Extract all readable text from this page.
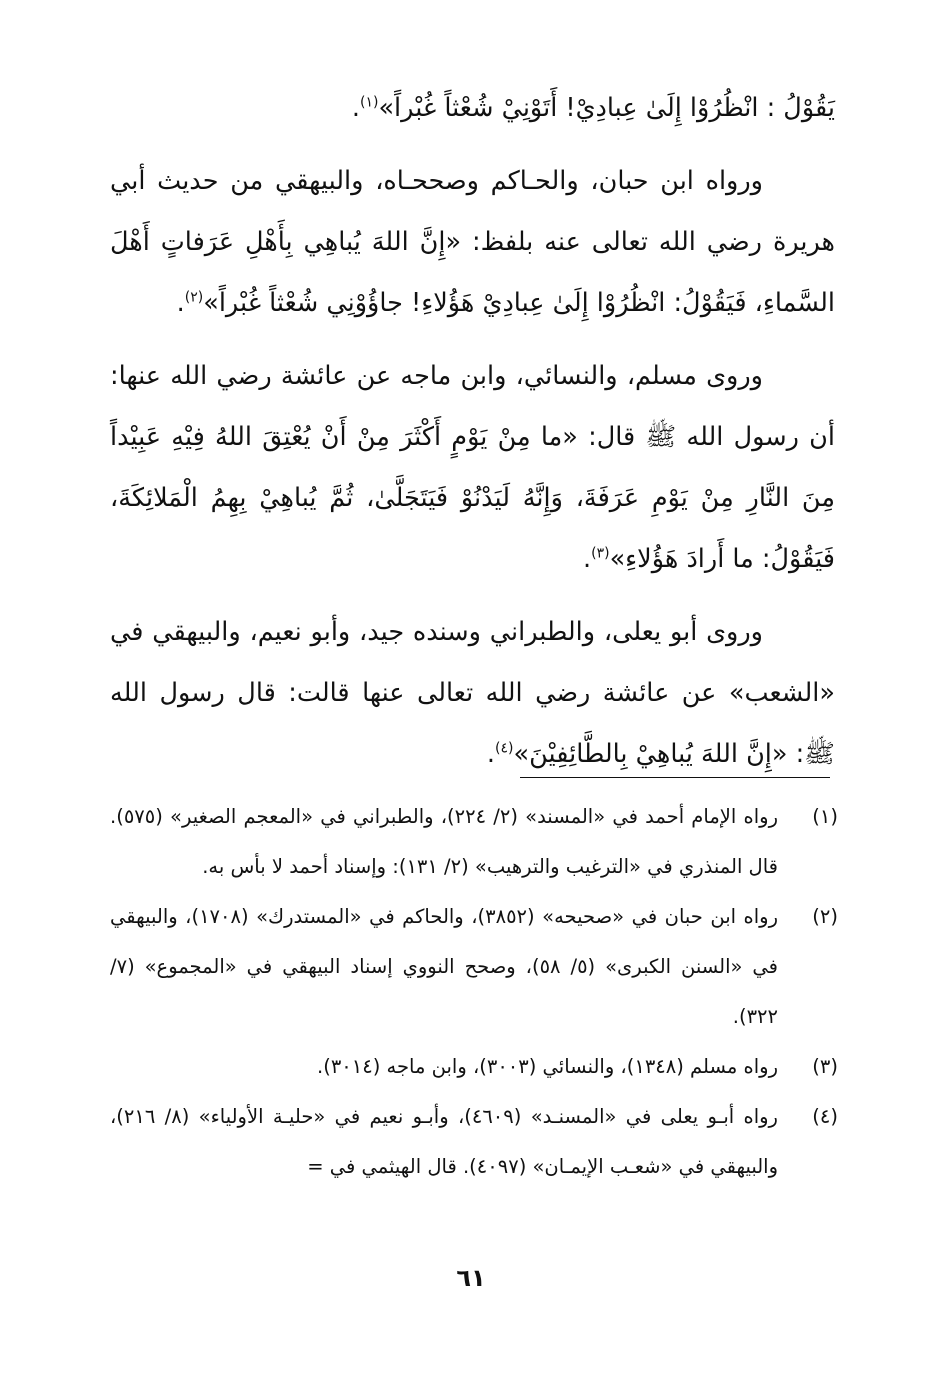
يَقُوْلُ : انْظُرُوْا إِلَىٰ عِبادِيْ! أَتَوْنِيْ شُعْثاً غُبْراً»$^{(١)}$.

ورواه ابن حبان، والحـاكم وصححـاه، والبيهقي من حديث أبي هريرة رضي الله تعالى عنه بلفظ: «إِنَّ اللهَ يُباهِي بِأَهْلِ عَرَفاتٍ أَهْلَ السَّماءِ، فَيَقُوْلُ: انْظُرُوْا إِلَىٰ عِبادِيْ هَؤُلاءِ! جاؤُوْنِي شُعْثاً غُبْراً»$^{(٢)}$.

وروى مسلم، والنسائي، وابن ماجه عن عائشة رضي الله عنها: أن رسول الله ﷺ قال: «ما مِنْ يَوْمٍ أَكْثَرَ مِنْ أَنْ يُعْتِقَ اللهُ فِيْهِ عَبِيْداً مِنَ النَّارِ مِنْ يَوْمِ عَرَفَةَ، وَإِنَّهُ لَيَدْنُوْ فَيَتَجَلَّىٰ، ثُمَّ يُباهِيْ بِهِمُ الْمَلائِكَةَ، فَيَقُوْلُ: ما أَرادَ هَؤُلاءِ»$^{(٣)}$.

وروى أبو يعلى، والطبراني وسنده جيد، وأبو نعيم، والبيهقي في «الشعب» عن عائشة رضي الله تعالى عنها قالت: قال رسول الله ﷺ: «إِنَّ اللهَ يُباهِيْ بِالطَّائِفِيْنَ»$^{(٤)}$.

(١)
رواه الإمام أحمد في «المسند» (٢/ ٢٢٤)، والطبراني في «المعجم الصغير» (٥٧٥). قال المنذري في «الترغيب والترهيب» (٢/ ١٣١): وإسناد أحمد لا بأس به.
(٢)
رواه ابن حبان في «صحيحه» (٣٨٥٢)، والحاكم في «المستدرك» (١٧٠٨)، والبيهقي في «السنن الكبرى» (٥/ ٥٨)، وصحح النووي إسناد البيهقي في «المجموع» (٧/ ٣٢٢).
(٣)
رواه مسلم (١٣٤٨)، والنسائي (٣٠٠٣)، وابن ماجه (٣٠١٤).
(٤)
رواه أبـو يعلى في «المسنـد» (٤٦٠٩)، وأبـو نعيم في «حليـة الأولياء» (٨/ ٢١٦)، والبيهقي في «شعـب الإيمـان» (٤٠٩٧). قال الهيثمي في =
٦١
